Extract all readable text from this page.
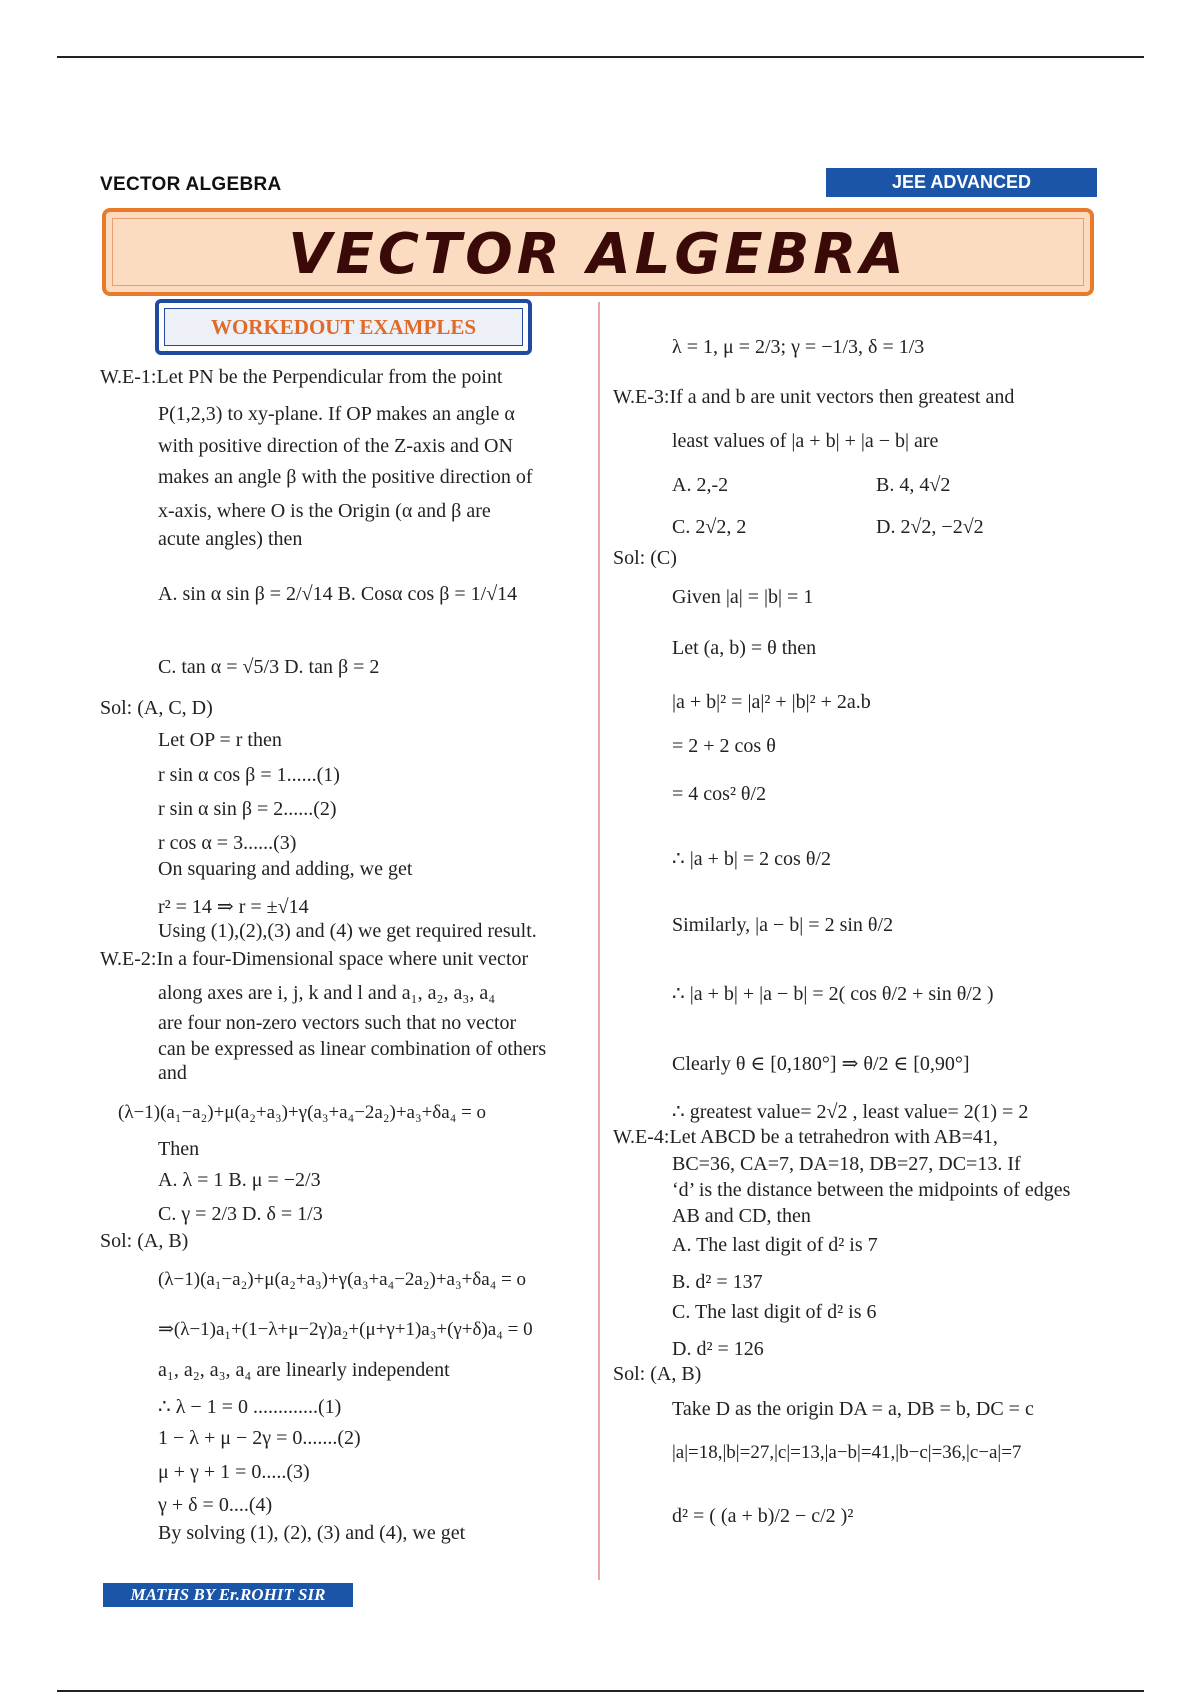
VECTOR ALGEBRA	JEE ADVANCED
VECTOR ALGEBRA
WORKEDOUT EXAMPLES
W.E-1:Let PN be the Perpendicular from the point
P(1,2,3) to xy-plane. If OP makes an angle α
with positive direction of the Z-axis and ON
makes an angle β with the positive direction of
x-axis, where O is the Origin (α and β are
acute angles) then
A. sin α sin β = 2/√14 B. Cosα cos β = 1/√14
C. tan α = √5/3 D. tan β = 2
Sol: (A, C, D)
Let OP = r then
r sin α cos β = 1......(1)
r sin α sin β = 2......(2)
r cos α = 3......(3)
On squaring and adding, we get
r² = 14 ⇒ r = ±√14
Using (1),(2),(3) and (4) we get required result.
W.E-2:In a four-Dimensional space where unit vector
along axes are i, j, k and l and a₁, a₂, a₃, a₄
are four non-zero vectors such that no vector
can be expressed as linear combination of others
and
(λ−1)(a₁−a₂)+μ(a₂+a₃)+γ(a₃+a₄−2a₂)+a₃+δa₄ = o
Then
A. λ = 1 B. μ = −2/3
C. γ = 2/3 D. δ = 1/3
Sol: (A, B)
(λ−1)(a₁−a₂)+μ(a₂+a₃)+γ(a₃+a₄−2a₂)+a₃+δa₄ = o
⇒(λ−1)a₁+(1−λ+μ−2γ)a₂+(μ+γ+1)a₃+(γ+δ)a₄ = 0
a₁, a₂, a₃, a₄ are linearly independent
∴ λ − 1 = 0 .............(1)
1 − λ + μ − 2γ = 0.......(2)
μ + γ + 1 = 0.....(3)
γ + δ = 0....(4)
By solving (1), (2), (3) and (4), we get
λ = 1, μ = 2/3; γ = −1/3, δ = 1/3
W.E-3:If a and b are unit vectors then greatest and
least values of |a + b| + |a − b| are
A. 2,-2	B. 4, 4√2
C. 2√2, 2	D. 2√2, −2√2
Sol: (C)
Given |a| = |b| = 1
Let (a, b) = θ then
|a + b|² = |a|² + |b|² + 2a.b
= 2 + 2 cos θ
= 4 cos² θ/2
∴ |a + b| = 2 cos θ/2
Similarly, |a − b| = 2 sin θ/2
∴ |a + b| + |a − b| = 2( cos θ/2 + sin θ/2 )
Clearly θ ∈ [0,180°] ⇒ θ/2 ∈ [0,90°]
∴ greatest value= 2√2 , least value= 2(1) = 2
W.E-4:Let ABCD be a tetrahedron with AB=41,
BC=36, CA=7, DA=18, DB=27, DC=13. If
‘d’ is the distance between the midpoints of edges
AB and CD, then
A. The last digit of d² is 7
B. d² = 137
C. The last digit of d² is 6
D. d² = 126
Sol: (A, B)
Take D as the origin DA = a, DB = b, DC = c
|a|=18,|b|=27,|c|=13,|a−b|=41,|b−c|=36,|c−a|=7
d² = ( (a + b)/2 − c/2 )²
MATHS BY Er.ROHIT SIR
